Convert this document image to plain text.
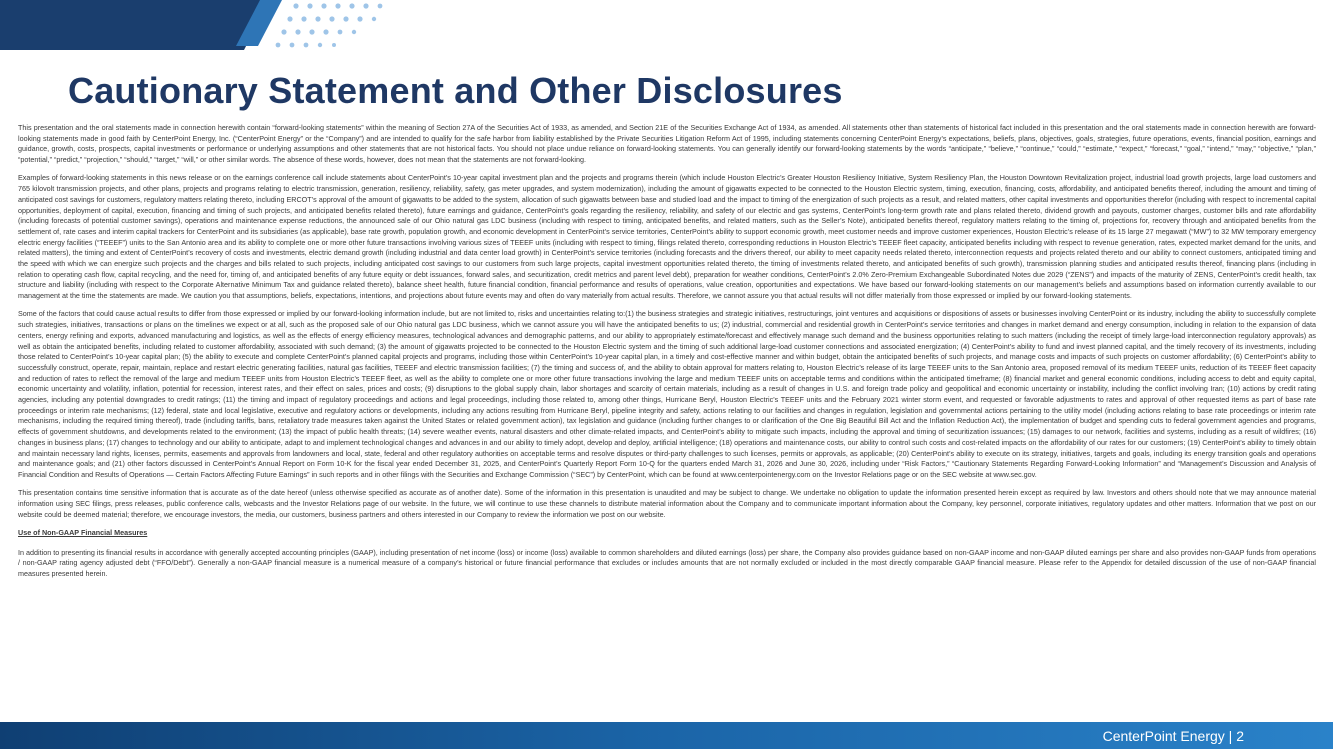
Cautionary Statement and Other Disclosures

This presentation and the oral statements made in connection herewith contain “forward-looking statements” within the meaning of Section 27A of the Securities Act of 1933, as amended, and Section 21E of the Securities Exchange Act of 1934, as amended. All statements other than statements of historical fact included in this presentation and the oral statements made in connection herewith are forward-looking statements made in good faith by CenterPoint Energy, Inc. (“CenterPoint Energy” or the “Company”) and are intended to qualify for the safe harbor from liability established by the Private Securities Litigation Reform Act of 1995, including statements concerning CenterPoint Energy’s expectations, beliefs, plans, objectives, goals, strategies, future operations, events, financial position, earnings and guidance, growth, costs, prospects, capital investments or performance or underlying assumptions and other statements that are not historical facts. You should not place undue reliance on forward-looking statements. You can generally identify our forward-looking statements by the words “anticipate,” “believe,” “continue,” “could,” “estimate,” “expect,” “forecast,” “goal,” “intend,” “may,” “objective,” “plan,” “potential,” “predict,” “projection,” “should,” “target,” “will,” or other similar words. The absence of these words, however, does not mean that the statements are not forward-looking.

Examples of forward-looking statements in this news release or on the earnings conference call include statements about CenterPoint’s 10-year capital investment plan and the projects and programs therein (which include Houston Electric’s Greater Houston Resiliency Initiative, System Resiliency Plan, the Houston Downtown Revitalization project, industrial load growth projects, large load customers and 765 kilovolt transmission projects, and other plans, projects and programs relating to electric transmission, generation, resiliency, reliability, safety, gas meter upgrades, and system modernization), including the amount of gigawatts expected to be connected to the Houston Electric system, timing, execution, financing, costs, affordability, and anticipated benefits thereof, including the amount and timing of anticipated cost savings for customers, regulatory matters relating thereto, including ERCOT’s approval of the amount of gigawatts to be added to the system, allocation of such gigawatts between base and studied load and the impact to timing of the energization of such projects as a result, and related matters, other capital investments and opportunities therefor (including with respect to incremental capital opportunities, deployment of capital, execution, financing and timing of such projects, and anticipated benefits related thereto), future earnings and guidance, CenterPoint’s goals regarding the resiliency, reliability, and safety of our electric and gas systems, CenterPoint’s long-term growth rate and plans related thereto, dividend growth and payouts, customer charges, customer bills and rate affordability (including forecasts of potential customer savings), operations and maintenance expense reductions, the announced sale of our Ohio natural gas LDC business (including with respect to timing, anticipated benefits, and related matters, such as the Seller’s Note), anticipated benefits thereof, regulatory matters relating to the timing of, projections for, recovery through and anticipated benefits from the settlement of, rate cases and interim capital trackers for CenterPoint and its subsidiaries (as applicable), base rate growth, population growth, and economic development in CenterPoint’s service territories, CenterPoint’s ability to support economic growth, meet customer needs and improve customer experiences, Houston Electric’s release of its 15 large 27 megawatt (“MW”) to 32 MW temporary emergency electric energy facilities (“TEEEF”) units to the San Antonio area and its ability to complete one or more other future transactions involving various sizes of TEEEF units (including with respect to timing, filings related thereto, corresponding reductions in Houston Electric’s TEEEF fleet capacity, anticipated benefits including with respect to revenue generation, rates, expected market demand for the units, and related matters), the timing and extent of CenterPoint’s recovery of costs and investments, electric demand growth (including industrial and data center load growth) in CenterPoint’s service territories (including forecasts and the drivers thereof, our ability to meet capacity needs related thereto, interconnection requests and projects related thereto and our ability to connect customers, anticipated timing and the speed with which we can energize such projects and the charges and bills related to such projects, including anticipated cost savings to our customers from such large projects, capital investment opportunities related thereto, the timing of investments related thereto, and anticipated benefits of such growth), transmission planning studies and anticipated results thereof, financing plans (including in relation to operating cash flow, capital recycling, and the need for, timing of, and anticipated benefits of any future equity or debt issuances, forward sales, and securitization, credit metrics and parent level debt), preparation for weather conditions, CenterPoint’s 2.0% Zero-Premium Exchangeable Subordinated Notes due 2029 (“ZENS”) and impacts of the maturity of ZENS, CenterPoint’s credit health, tax structure and liability (including with respect to the Corporate Alternative Minimum Tax and guidance related thereto), balance sheet health, future financial condition, financial performance and results of operations, value creation, opportunities and expectations. We have based our forward-looking statements on our management’s beliefs and assumptions based on information currently available to our management at the time the statements are made. We caution you that assumptions, beliefs, expectations, intentions, and projections about future events may and often do vary materially from actual results. Therefore, we cannot assure you that actual results will not differ materially from those expressed or implied by our forward-looking statements.

Some of the factors that could cause actual results to differ from those expressed or implied by our forward-looking information include, but are not limited to, risks and uncertainties relating to:(1) the business strategies and strategic initiatives, restructurings, joint ventures and acquisitions or dispositions of assets or businesses involving CenterPoint or its industry, including the ability to successfully complete such strategies, initiatives, transactions or plans on the timelines we expect or at all, such as the proposed sale of our Ohio natural gas LDC business, which we cannot assure you will have the anticipated benefits to us; (2) industrial, commercial and residential growth in CenterPoint’s service territories and changes in market demand and energy consumption, including in relation to the expansion of data centers, energy refining and exports, advanced manufacturing and logistics, as well as the effects of energy efficiency measures, technological advances and demographic patterns, and our ability to appropriately estimate/forecast and effectively manage such demand and the business opportunities relating to such matters (including the receipt of timely large-load interconnection regulatory approvals) as well as obtain the anticipated benefits, including related to customer affordability, associated with such demand; (3) the amount of gigawatts projected to be connected to the Houston Electric system and the timing of such additional large-load customer connections and associated energization; (4) CenterPoint’s ability to fund and invest planned capital, and the timely recovery of its investments, including those related to CenterPoint’s 10-year capital plan; (5) the ability to execute and complete CenterPoint’s planned capital projects and programs, including those within CenterPoint’s 10-year capital plan, in a timely and cost-effective manner and within budget, obtain the anticipated benefits of such projects, and manage costs and impacts of such projects on customer affordability; (6) CenterPoint’s ability to successfully construct, operate, repair, maintain, replace and restart electric generating facilities, natural gas facilities, TEEEF and electric transmission facilities; (7) the timing and success of, and the ability to obtain approval for matters relating to, Houston Electric’s release of its large TEEEF units to the San Antonio area, proposed removal of its medium TEEEF units, reduction of its TEEEF fleet capacity and reduction of rates to reflect the removal of the large and medium TEEEF units from Houston Electric’s TEEEF fleet, as well as the ability to complete one or more other future transactions involving the large and medium TEEEF units on acceptable terms and conditions within the anticipated timeframe; (8) financial market and general economic conditions, including access to debt and equity capital, economic uncertainty and volatility, inflation, potential for recession, interest rates, and their effect on sales, prices and costs; (9) disruptions to the global supply chain, labor shortages and scarcity of certain materials, including as a result of changes in U.S. and foreign trade policy and geopolitical and economic uncertainty or instability, including the conflict involving Iran; (10) actions by credit rating agencies, including any potential downgrades to credit ratings; (11) the timing and impact of regulatory proceedings and actions and legal proceedings, including those related to, among other things, Hurricane Beryl, Houston Electric’s TEEEF units and the February 2021 winter storm event, and requested or favorable adjustments to rates and approval of other requested items as part of base rate proceedings or interim rate mechanisms; (12) federal, state and local legislative, executive and regulatory actions or developments, including any actions resulting from Hurricane Beryl, pipeline integrity and safety, actions relating to our facilities and changes in regulation, legislation and governmental actions pertaining to the utility model (including actions relating to base rate proceedings or interim rate mechanisms, including the required timing thereof), trade (including tariffs, bans, retaliatory trade measures taken against the United States or related government action), tax legislation and guidance (including further changes to or clarification of the One Big Beautiful Bill Act and the Inflation Reduction Act), the implementation of budget and spending cuts to federal government agencies and programs, effects of government shutdowns, and developments related to the environment; (13) the impact of public health threats; (14) severe weather events, natural disasters and other climate-related impacts, and CenterPoint’s ability to mitigate such impacts, including the approval and timing of securitization issuances; (15) damages to our network, facilities and systems, including as a result of wildfires; (16) changes in business plans; (17) changes to technology and our ability to anticipate, adapt to and implement technological changes and advances in and our ability to timely adopt, develop and deploy, artificial intelligence; (18) operations and maintenance costs, our ability to control such costs and cost-related impacts on the affordability of our rates for our customers; (19) CenterPoint’s ability to timely obtain and maintain necessary land rights, licenses, permits, easements and approvals from landowners and local, state, federal and other regulatory authorities on acceptable terms and resolve disputes or third-party challenges to such licenses, permits or approvals, as applicable; (20) CenterPoint’s ability to execute on its strategy, initiatives, targets and goals, including its energy transition goals and operations and maintenance goals; and (21) other factors discussed in CenterPoint’s Annual Report on Form 10-K for the fiscal year ended December 31, 2025, and CenterPoint’s Quarterly Report Form 10-Q for the quarters ended March 31, 2026 and June 30, 2026, including under “Risk Factors,” “Cautionary Statements Regarding Forward-Looking Information” and “Management’s Discussion and Analysis of Financial Condition and Results of Operations — Certain Factors Affecting Future Earnings” in such reports and in other filings with the Securities and Exchange Commission (“SEC”) by CenterPoint, which can be found at www.centerpointenergy.com on the Investor Relations page or on the SEC website at www.sec.gov.

This presentation contains time sensitive information that is accurate as of the date hereof (unless otherwise specified as accurate as of another date). Some of the information in this presentation is unaudited and may be subject to change. We undertake no obligation to update the information presented herein except as required by law. Investors and others should note that we may announce material information using SEC filings, press releases, public conference calls, webcasts and the Investor Relations page of our website. In the future, we will continue to use these channels to distribute material information about the Company and to communicate important information about the Company, key personnel, corporate initiatives, regulatory updates and other matters. Information that we post on our website could be deemed material; therefore, we encourage investors, the media, our customers, business partners and others interested in our Company to review the information we post on our website.

Use of Non-GAAP Financial Measures

In addition to presenting its financial results in accordance with generally accepted accounting principles (GAAP), including presentation of net income (loss) or income (loss) available to common shareholders and diluted earnings (loss) per share, the Company also provides guidance based on non-GAAP income and non-GAAP diluted earnings per share and also provides non-GAAP funds from operations / non-GAAP rating agency adjusted debt (“FFO/Debt”). Generally a non-GAAP financial measure is a numerical measure of a company’s historical or future financial performance that excludes or includes amounts that are not normally excluded or included in the most directly comparable GAAP financial measure. Please refer to the Appendix for detailed discussion of the use of non-GAAP financial measures presented herein.

CenterPoint Energy | 2
